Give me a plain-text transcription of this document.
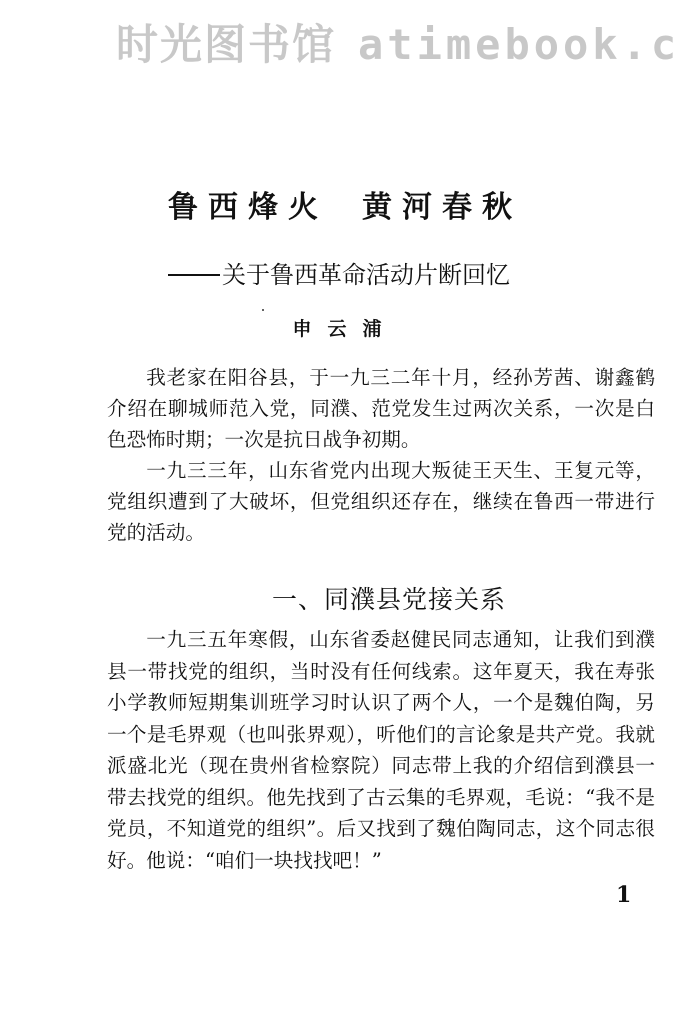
时光图书馆 atimebook.c
鲁西烽火 黄河春秋
关于鲁西革命活动片断回忆
申云浦

我老家在阳谷县，于一九三二年十月，经孙芳茜、谢鑫鹤介绍在聊城师范入党，同濮、范党发生过两次关系，一次是白色恐怖时期；一次是抗日战争初期。

一九三三年，山东省党内出现大叛徒王天生、王复元等，党组织遭到了大破坏，但党组织还存在，继续在鲁西一带进行党的活动。

一、同濮县党接关系

一九三五年寒假，山东省委赵健民同志通知，让我们到濮县一带找党的组织，当时没有任何线索。这年夏天，我在寿张小学教师短期集训班学习时认识了两个人，一个是魏伯陶，另一个是毛界观（也叫张界观），听他们的言论象是共产党。我就派盛北光（现在贵州省检察院）同志带上我的介绍信到濮县一带去找党的组织。他先找到了古云集的毛界观，毛说：“我不是党员，不知道党的组织”。后又找到了魏伯陶同志，这个同志很好。他说：“咱们一块找找吧！”

1
